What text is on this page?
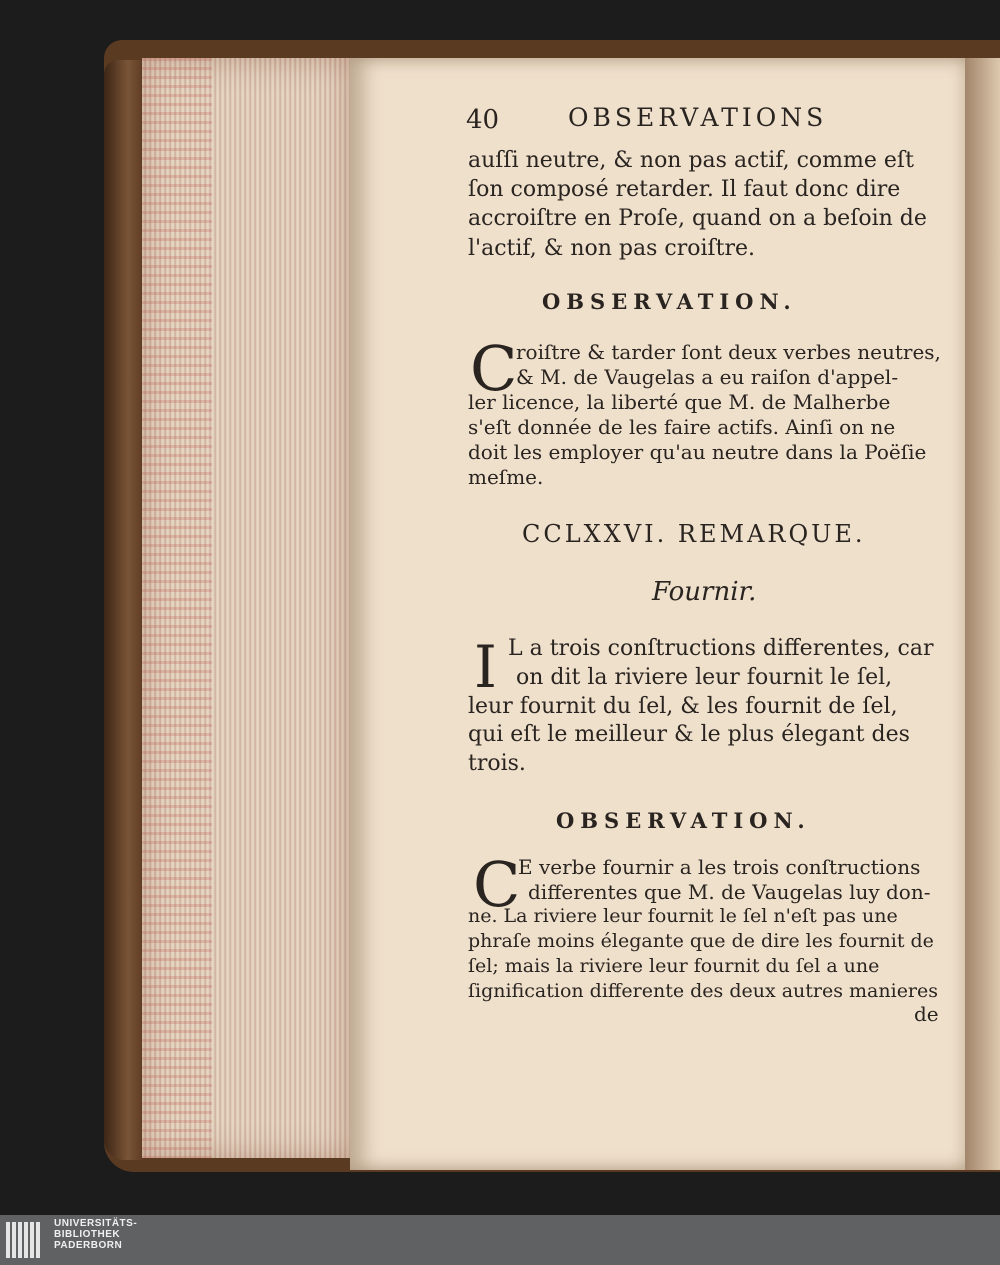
40	OBSERVATIONS
auſſi neutre, & non pas actif, comme eſt
ſon composé retarder. Il faut donc dire
accroiſtre en Proſe, quand on a beſoin de
l'actif, & non pas croiſtre.
OBSERVATION.
C
roiſtre & tarder ſont deux verbes neutres,
& M. de Vaugelas a eu raiſon d'appel-
ler licence, la liberté que M. de Malherbe
s'eſt donnée de les faire actifs. Ainſi on ne
doit les employer qu'au neutre dans la Poëſie
meſme.
CCLXXVI. REMARQUE.
Fournir.
I L a trois conſtructions differentes, car
on dit la riviere leur fournit le ſel,
leur fournit du ſel, & les fournit de ſel,
qui eſt le meilleur & le plus élegant des
trois.
OBSERVATION.
C
E verbe fournir a les trois conſtructions
differentes que M. de Vaugelas luy don-
ne. La riviere leur fournit le ſel n'eſt pas une
phraſe moins élegante que de dire les fournit de
ſel; mais la riviere leur fournit du ſel a une
ſignification differente des deux autres manieres
de
UNIVERSITÄTS-
BIBLIOTHEK
PADERBORN
